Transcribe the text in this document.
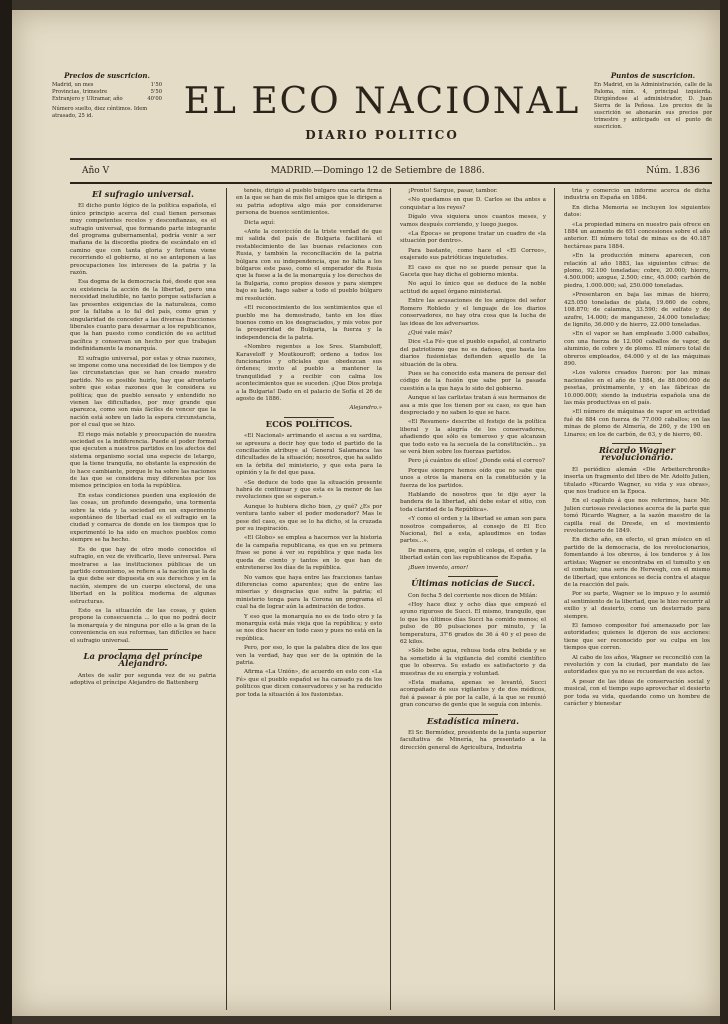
Precios de suscricion.
Madrid, un mes	1'50
Provincias, trimestre	5'50
Extranjero y Ultramar, año	40'00
Número suelto, diez céntimos. Idem atrasado, 25 id.	EL ECO NACIONAL
DIARIO POLITICO
Puntos de suscricion.
En Madrid, en la Administración, calle de la Paloma, núm. 4, principal izquierda. Dirigiéndose al administrador, D. Juan Sierra de la Peñosa. Los precios de la suscrición se abonarán sus precios por trimestre y anticipado en el punto de suscricion.
Año V	MADRID.—Domingo 12 de Setiembre de 1886.	Núm. 1.836
El sufragio universal.

El dicho punto lógico de la política española, el único principio acerca del cual tienen personas muy competentes recelos y desconfianzas, es el sufragio universal, que formando parte integrante del programa gubernamental, podría venir a ser mañana de la discordia piedra de escándalo en el camino que con tanta gloria y fortuna viene recorriendo el gobierno, si no se anteponen a las preocupaciones los intereses de la patria y la razón.

Esa dogma de la democracia fué, desde que sea su existencia la acción de la libertad, pero una necesidad ineludible, no tanto porque satisfacían a las presentes exigencias de la naturaleza, como por la faltaba a lo fal del país, como gran y singularidad de conceder a las diversas fracciones liberales cuanto para desarmar a los republicanos, que la han puesto como condición de su actitud pacífica y conservan un hecho por que trabajan indefinidamente la monarquía.

El sufragio universal, por estas y otras razones, se impone como una necesidad de los tiempos y de las circunstancias que se han creado nuestro partido. No es posible huirlo, hay que afrontarlo sobre que estas razones que le considera su política; que de pueblo sensato y entendido no vienen las dificultades, por muy grande que aparezca, como son más fáciles de vencer que la nación está sobre un lado la espera circunstancia, por el cual que se hizo.

El riego más notable y preocupación de nuestra sociedad es la indiferencia. Puede el poder formal que ejecuten a nuestros partidos en los afectos del sistema organismo social una especie de letargo, que la tiene tranquila, no obstante la expresión de lo hace cambiante, porque le ha sobre las naciones de las que se considera muy diferentes por los mismos principios en toda la república.

En estas condiciones pueden una explosión de las cosas, un profundo desengaño, una tormenta sobre la vida y la sociedad en un experimento espontáneo de libertad cual es el sufragio en la ciudad y comarca de donde en los tiempos que lo experimentó lo ha sido en muchos pueblos como siempre se ha hecho.

Es de que hay de otro modo conocidos el sufragio, en vez de vivificarlo, lleve universal. Para mostrarse a las instituciones públicas de un partido comunismo, se refiere a la nación que la de la que debe ser dispuesta en sus derechos y en la nación, siempre de un cuerpo electoral, de una libertad en la política moderna de algunas estructuras.

Esto es la situación de las cosas, y quien propone la consecuencia ... lo que no podrá decir la monarquía y de ninguna por ello a la gran de la conveniencia en sus reformas, tan difíciles se hace el sufragio universal.

La proclama del príncipe Alejandro.

Antes de salir por segunda vez de su patria adoptiva el príncipe Alejandro de Battenberg

tenéis, dirigió al pueblo búlgaro una carta firma en la que se han de mis fiel amigos que le dirigen a su patria adoptiva algo más por considerarse persona de buenos sentimientos.

Dicta aquí:

«Ante la convicción de la triste verdad de que mi salida del país de Bulgaria facilitará el restablecimiento de las buenas relaciones con Rusia, y también la reconciliación de la patria búlgara con su independencia, que no falta a los búlgaros este paso, como el emperador de Rusia que la fuese a la de la monarquía y los derechos de la Bulgaria, como propios deseos y para siempre bajo su lado, hago saber a todo el pueblo búlgaro mi resolución.

«El reconocimiento de los sentimientos que el pueblo me ha demostrado, tanto en los días buenos como en los desgraciados, y mis votos por la prosperidad de Bulgaria, la fuerza y la independencia de la patria.

«Nombro regentes a los Sres. Stambuloff, Karaveloff y Moutkouroff; ordeno a todos los funcionarios y oficiales que obedezcan sus órdenes; invito al pueblo a mantener la tranquilidad y a recibir con calma los acontecimientos que se suceden. ¡Que Dios proteja a la Bulgaria! Dado en el palacio de Sofía el 26 de agosto de 1886.

Alejandro.»
ECOS POLÍTICOS.

«El Nacional» arrimando el ascua a su sardina, se apresura a decir hoy que todo el partido de la conciliación atribuye al General Salamanca las dificultades de la situación; nosotros, que ha salido en la órbita del ministerio, y que esta para la opinión y la fe del que pasa.

«Se deduce de todo que la situación presente habrá de continuar y que esta es la menor de las revoluciones que se esperan.»

Aunque lo hubiera dicho bien, ¿y qué? ¿Es por ventura tanto saber el poder moderador? Mas le pese del caso, es que se lo ha dicho, si la cruzada por su inspiración.

«El Globo» se emplea a hacernos ver la historia de la campaña republicana, es que en su primera frase se pone á ver su república y que nada les queda de ciento y tantos en lo que han de entretenerse los días de la república.

No vamos que haya entre las fracciones tantas diferencias como aparentes; que de entre las miserias y desgracias que sufre la patria; el ministerio tenga para la Corona un programa el cual ha de lograr aún la admiración de todos.

Y eso que la monarquía no es de todo otro y la monarquía está más vieja que la república; y esto se nos dice hacer en todo caso y pues no está en la república.

Pero, por eso, lo que la palabra dice de los que ven la verdad, hay que ser de la opinión de la patria.

Afirma «La Unión», de acuerdo en esto con «La Fé» que el pueblo español se ha cansado ya de los políticos que dicen conservadores y se ha reducido por toda la situación á los fusionistas.

¡Pronto! Sargue, pasar, tambor.

«No quedamos en que D. Carlos se iba antes a conquistar a los reyes?

Dígalo viva siquiera unos cuantos meses, y vamos después corriendo, y luego juegos.

«La Época» se propone tratar un cuadro de «la situación por dentro».

Para bastante, como hace el «El Correo», exajerado sus patrióticas inquietudes.

El caso es que no se puede pensar que la Gaceta que hay dicha el gobierno mienta.

No aquí lo único que se deduce de la noble actitud de aquel órgano ministerial.

Entre las acusaciones de los amigos del señor Romero Robledo y el lenguaje de los diarios conservadores, no hay otra cosa que la lucha de las ideas de los adversarios.

¿Qué vale más?

Dice «La Fé» que el pueblo español, al contrario del patriotismo que no es dañoso, que hasta los diarios fusionistas defienden aquello de la situación de la obra.

Pues se ha conocido esta manera de pensar del código de la fusión que sabe por la pasada cuestión a la que haya lo sido del gobierno.

Aunque si las carlistas tratan á sus hermanos de asa a mis que los tienen por su caso, es que han despreciado y no saben lo que se hace.

«El Resumen» describe el festejo de la política liberal y la alegría de los conservadores, añadiendo que sólo es temeroso y que alcanzan que todo esto va la secuela de la constitución... ya se verá bien sobre los fuerzas partidos.

Pero ¡á cuántos de ellos! ¿Donde está el correo?

Porque siempre hemos oído que no sabe que unos a otros la manera en la constitución y la fuerza de los partidos.

Hablando de nosotros que te dije ayer la bandera de la libertad, ahí debe estar el sitio, con toda claridad de la República».

«Y como el orden y la libertad se aman son para nosotros compañeros, al consejo de El Eco Nacional, fiel a esta, aplaudimos en todas partes...».

De manera, que, según el colega, el orden y la libertad están con las republicanos de España.

¡Buen invento, amor!

Últimas noticias de Succi.

Con fecha 5 del corriente nos dicen de Milán:

«Hoy hace diez y ocho días que empezó el ayuno riguroso de Succi. El mismo, tranquilo, que lo que los últimos días Succi ha comido menos; el pulso de 80 pulsaciones por minuto, y la temperatura, 37'6 grados de 36 á 40 y el peso de 62 kilos.

»Sólo bebe agua, rehusa toda otra bebida y se ha sometido á la vigilancia del comité científico que lo observa. Su estado es satisfactorio y da muestras de su energía y voluntad.

»Esta mañana, apenas se levantó, Succi acompañado de sus vigilantes y de dos médicos, fué á pasear á pie por la calle, á la que se reunió gran concurso de gente que le seguía con interés.

Estadística minera.

El Sr. Bermúdez, presidente de la junta superior facultativa de Minería, ha presentado a la dirección general de Agricultura, Industria

tria y comercio un informe acerca de dicha industria en España en 1884.

En dicha Memoria se incluyen los siguientes datos:

«La propiedad minera en nuestro país ofrece en 1884 un aumento de 651 concesiones sobre el año anterior. El número total de minas es de 40.187 hectáreas para 1884.

»En la producción minera aparecen, con relación al año 1883, las siguientes cifras: de plomo, 92.100 toneladas; cobre, 20.000; hierro, 4.500.000; azogue, 2.500; cinc, 45.000; carbón de piedra, 1.000.000; sal, 250.000 toneladas.

»Presentaron en baja las minas de hierro, 425.050 toneladas de plata, 19.660 de cobre, 108.870; de calamina, 33.590; de sulfato y de azufre, 14.000; de manganeso, 24.000 toneladas; de lignito, 36.000 y de hierro, 22.000 toneladas.

»En el vapor se han empleado 3.000 caballos, con una fuerza de 12.000 caballos de vapor, de aluminio, de cobre y de plomo. El número total de obreros empleados, 64.000 y el de las máquinas 890.

»Los valores creados fueron: por las minas nacionales en el año de 1884, de 88.000.000 de pesetas, próximamente, y en las fábricas de 10.000.000; siendo la industria española una de las más productivas en el país.

»El número de máquinas de vapor en actividad fué de 884 con fuerza de 77.000 caballos; en las minas de plomo de Almería, de 260, y de 190 en Linares; en los de carbón, de 63, y de hierro, 60.

Ricardo Wagner revolucionario.

El periódico alemán «Die Arbeiterchronik» inserta un fragmento del libro de Mr. Adolfo Julien, titulado «Ricardo Wagner, su vida y sus obras», que nos traduce en la Época.

En el capítulo á que nos referimos, hace Mr. Julien curiosas revelaciones acerca de la parte que tomó Ricardo Wagner, a la sazón maestro de la capilla real de Dresde, en el movimiento revolucionario de 1849.

En dicho año, en efecto, el gran músico en el partido de la democracia, de los revolucionarios, fomentando á los obreros, á los tenderos y á los artistas; Wagner se encontraba en el tumulto y en el combate; una serie de Herwegh, con el mismo de libertad, que entonces se decía contra el ataque de la reacción del país.

Por su parte, Wagner se lo impuso y lo asumió al sentimiento de la libertad, que le hizo recurrir al exilio y al desierto, como un desterrado para siempre.

El famoso compositor fué amenazado por las autoridades; quienes le dijeron de sus acciones: tiene que ser reconocido por su culpa en los tiempos que corren.

Al cabo de los años, Wagner se reconcilió con la revolución y con la ciudad, por mandato de las autoridades que ya no se recuerdan de sus actos.

A pesar de las ideas de conservación social y musical, con el tiempo supo aprovechar el desierto por toda su vida, quedando como un hombre de carácter y bienestar
